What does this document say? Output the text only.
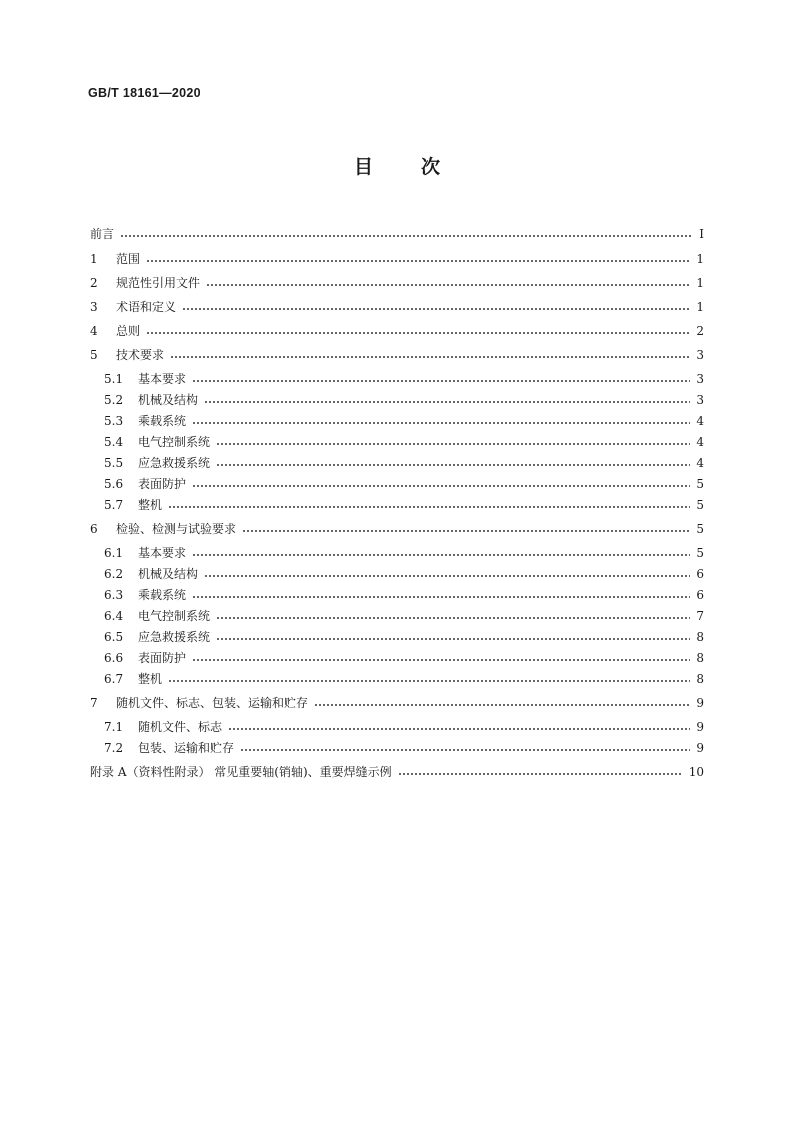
GB/T 18161—2020
目	次
前言	Ⅰ
1	范围	1
2	规范性引用文件	1
3	术语和定义	1
4	总则	2
5	技术要求	3
5.1	基本要求	3
5.2	机械及结构	3
5.3	乘载系统	4
5.4	电气控制系统	4
5.5	应急救援系统	4
5.6	表面防护	5
5.7	整机	5
6	检验、检测与试验要求	5
6.1	基本要求	5
6.2	机械及结构	6
6.3	乘载系统	6
6.4	电气控制系统	7
6.5	应急救援系统	8
6.6	表面防护	8
6.7	整机	8
7	随机文件、标志、包装、运输和贮存	9
7.1	随机文件、标志	9
7.2	包装、运输和贮存	9
附录 A（资料性附录） 常见重要轴(销轴)、重要焊缝示例	10
